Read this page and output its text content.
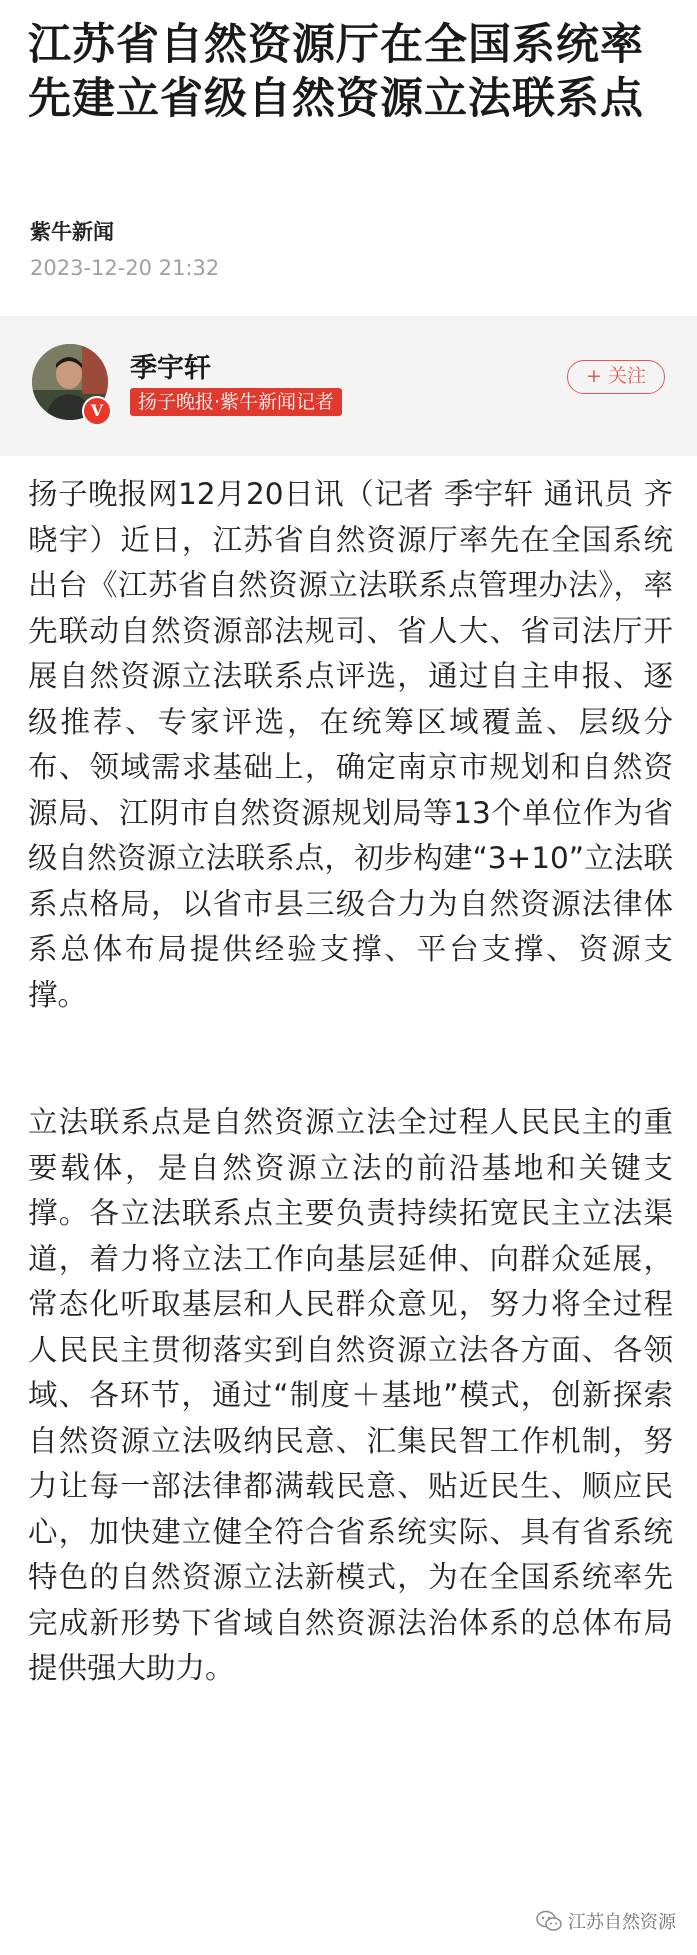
江苏省自然资源厅在全国系统率先建立省级自然资源立法联系点
紫牛新闻
2023-12-20 21:32
V
季宇轩
扬子晚报·紫牛新闻记者
+ 关注

扬子晚报网12月20日讯（记者 季宇轩 通讯员 齐晓宇）近日，江苏省自然资源厅率先在全国系统出台《江苏省自然资源立法联系点管理办法》，率先联动自然资源部法规司、省人大、省司法厅开展自然资源立法联系点评选，通过自主申报、逐级推荐、专家评选，在统筹区域覆盖、层级分布、领域需求基础上，确定南京市规划和自然资源局、江阴市自然资源规划局等13个单位作为省级自然资源立法联系点，初步构建“3+10”立法联系点格局，以省市县三级合力为自然资源法律体系总体布局提供经验支撑、平台支撑、资源支撑。

立法联系点是自然资源立法全过程人民民主的重要载体，是自然资源立法的前沿基地和关键支撑。各立法联系点主要负责持续拓宽民主立法渠道，着力将立法工作向基层延伸、向群众延展，常态化听取基层和人民群众意见，努力将全过程人民民主贯彻落实到自然资源立法各方面、各领域、各环节，通过“制度＋基地”模式，创新探索自然资源立法吸纳民意、汇集民智工作机制，努力让每一部法律都满载民意、贴近民生、顺应民心，加快建立健全符合省系统实际、具有省系统特色的自然资源立法新模式，为在全国系统率先完成新形势下省域自然资源法治体系的总体布局提供强大助力。

江苏自然资源
